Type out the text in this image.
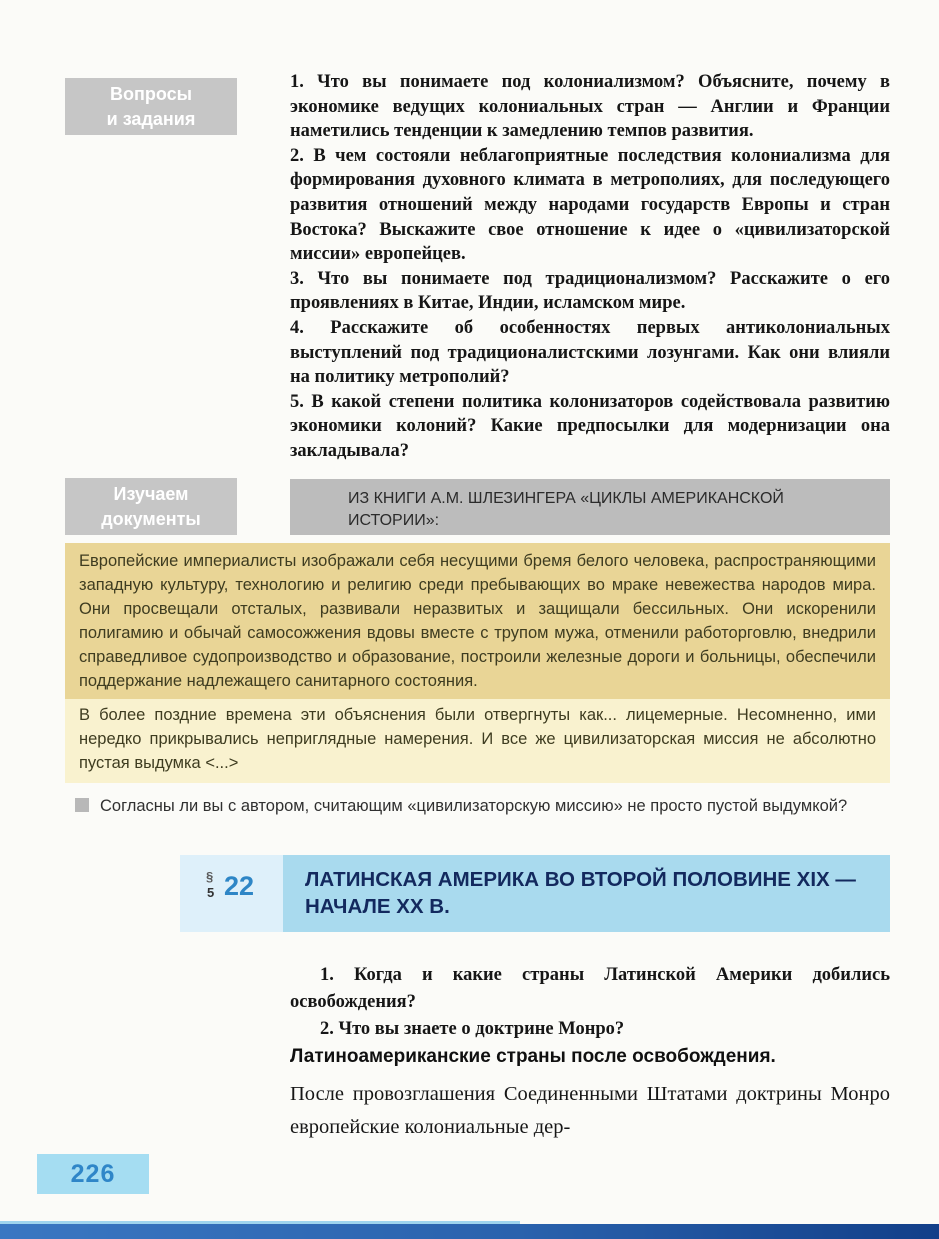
Вопросы
и задания

1. Что вы понимаете под колониализмом? Объясните, почему в экономике ведущих колониальных стран — Англии и Франции наметились тенденции к замедлению темпов развития.

2. В чем состояли неблагоприятные последствия колониализма для формирования духовного климата в метрополиях, для последующего развития отношений между народами государств Европы и стран Востока? Выскажите свое отношение к идее о «цивилизаторской миссии» европейцев.

3. Что вы понимаете под традиционализмом? Расскажите о его проявлениях в Китае, Индии, исламском мире.

4. Расскажите об особенностях первых антиколониальных выступлений под традиционалистскими лозунгами. Как они влияли на политику метрополий?

5. В какой степени политика колонизаторов содействовала развитию экономики колоний? Какие предпосылки для модернизации она закладывала?

Изучаем
документы
ИЗ КНИГИ А.М. ШЛЕЗИНГЕРА «ЦИКЛЫ АМЕРИКАНСКОЙ ИСТОРИИ»:
Европейские империалисты изображали себя несущими бремя белого человека, распространяющими западную культуру, технологию и религию среди пребывающих во мраке невежества народов мира. Они просвещали отсталых, развивали неразвитых и защищали бессильных. Они искоренили полигамию и обычай самосожжения вдовы вместе с трупом мужа, отменили работорговлю, внедрили справедливое судопроизводство и образование, построили железные дороги и больницы, обеспечили поддержание надлежащего санитарного состояния.
В более поздние времена эти объяснения были отвергнуты как... лицемерные. Несомненно, ими нередко прикрывались неприглядные намерения. И все же цивилизаторская миссия не абсолютно пустая выдумка <...>
Согласны ли вы с автором, считающим «цивилизаторскую миссию» не просто пустой выдумкой?
§
5 22	ЛАТИНСКАЯ АМЕРИКА ВО ВТОРОЙ ПОЛОВИНЕ XIX —НАЧАЛЕ XX В.

1. Когда и какие страны Латинской Америки добились освобождения?

2. Что вы знаете о доктрине Монро?

Латиноамериканские страны после освобождения.
После провозглашения Соединенными Штатами доктрины Монро европейские колониальные дер-
226
